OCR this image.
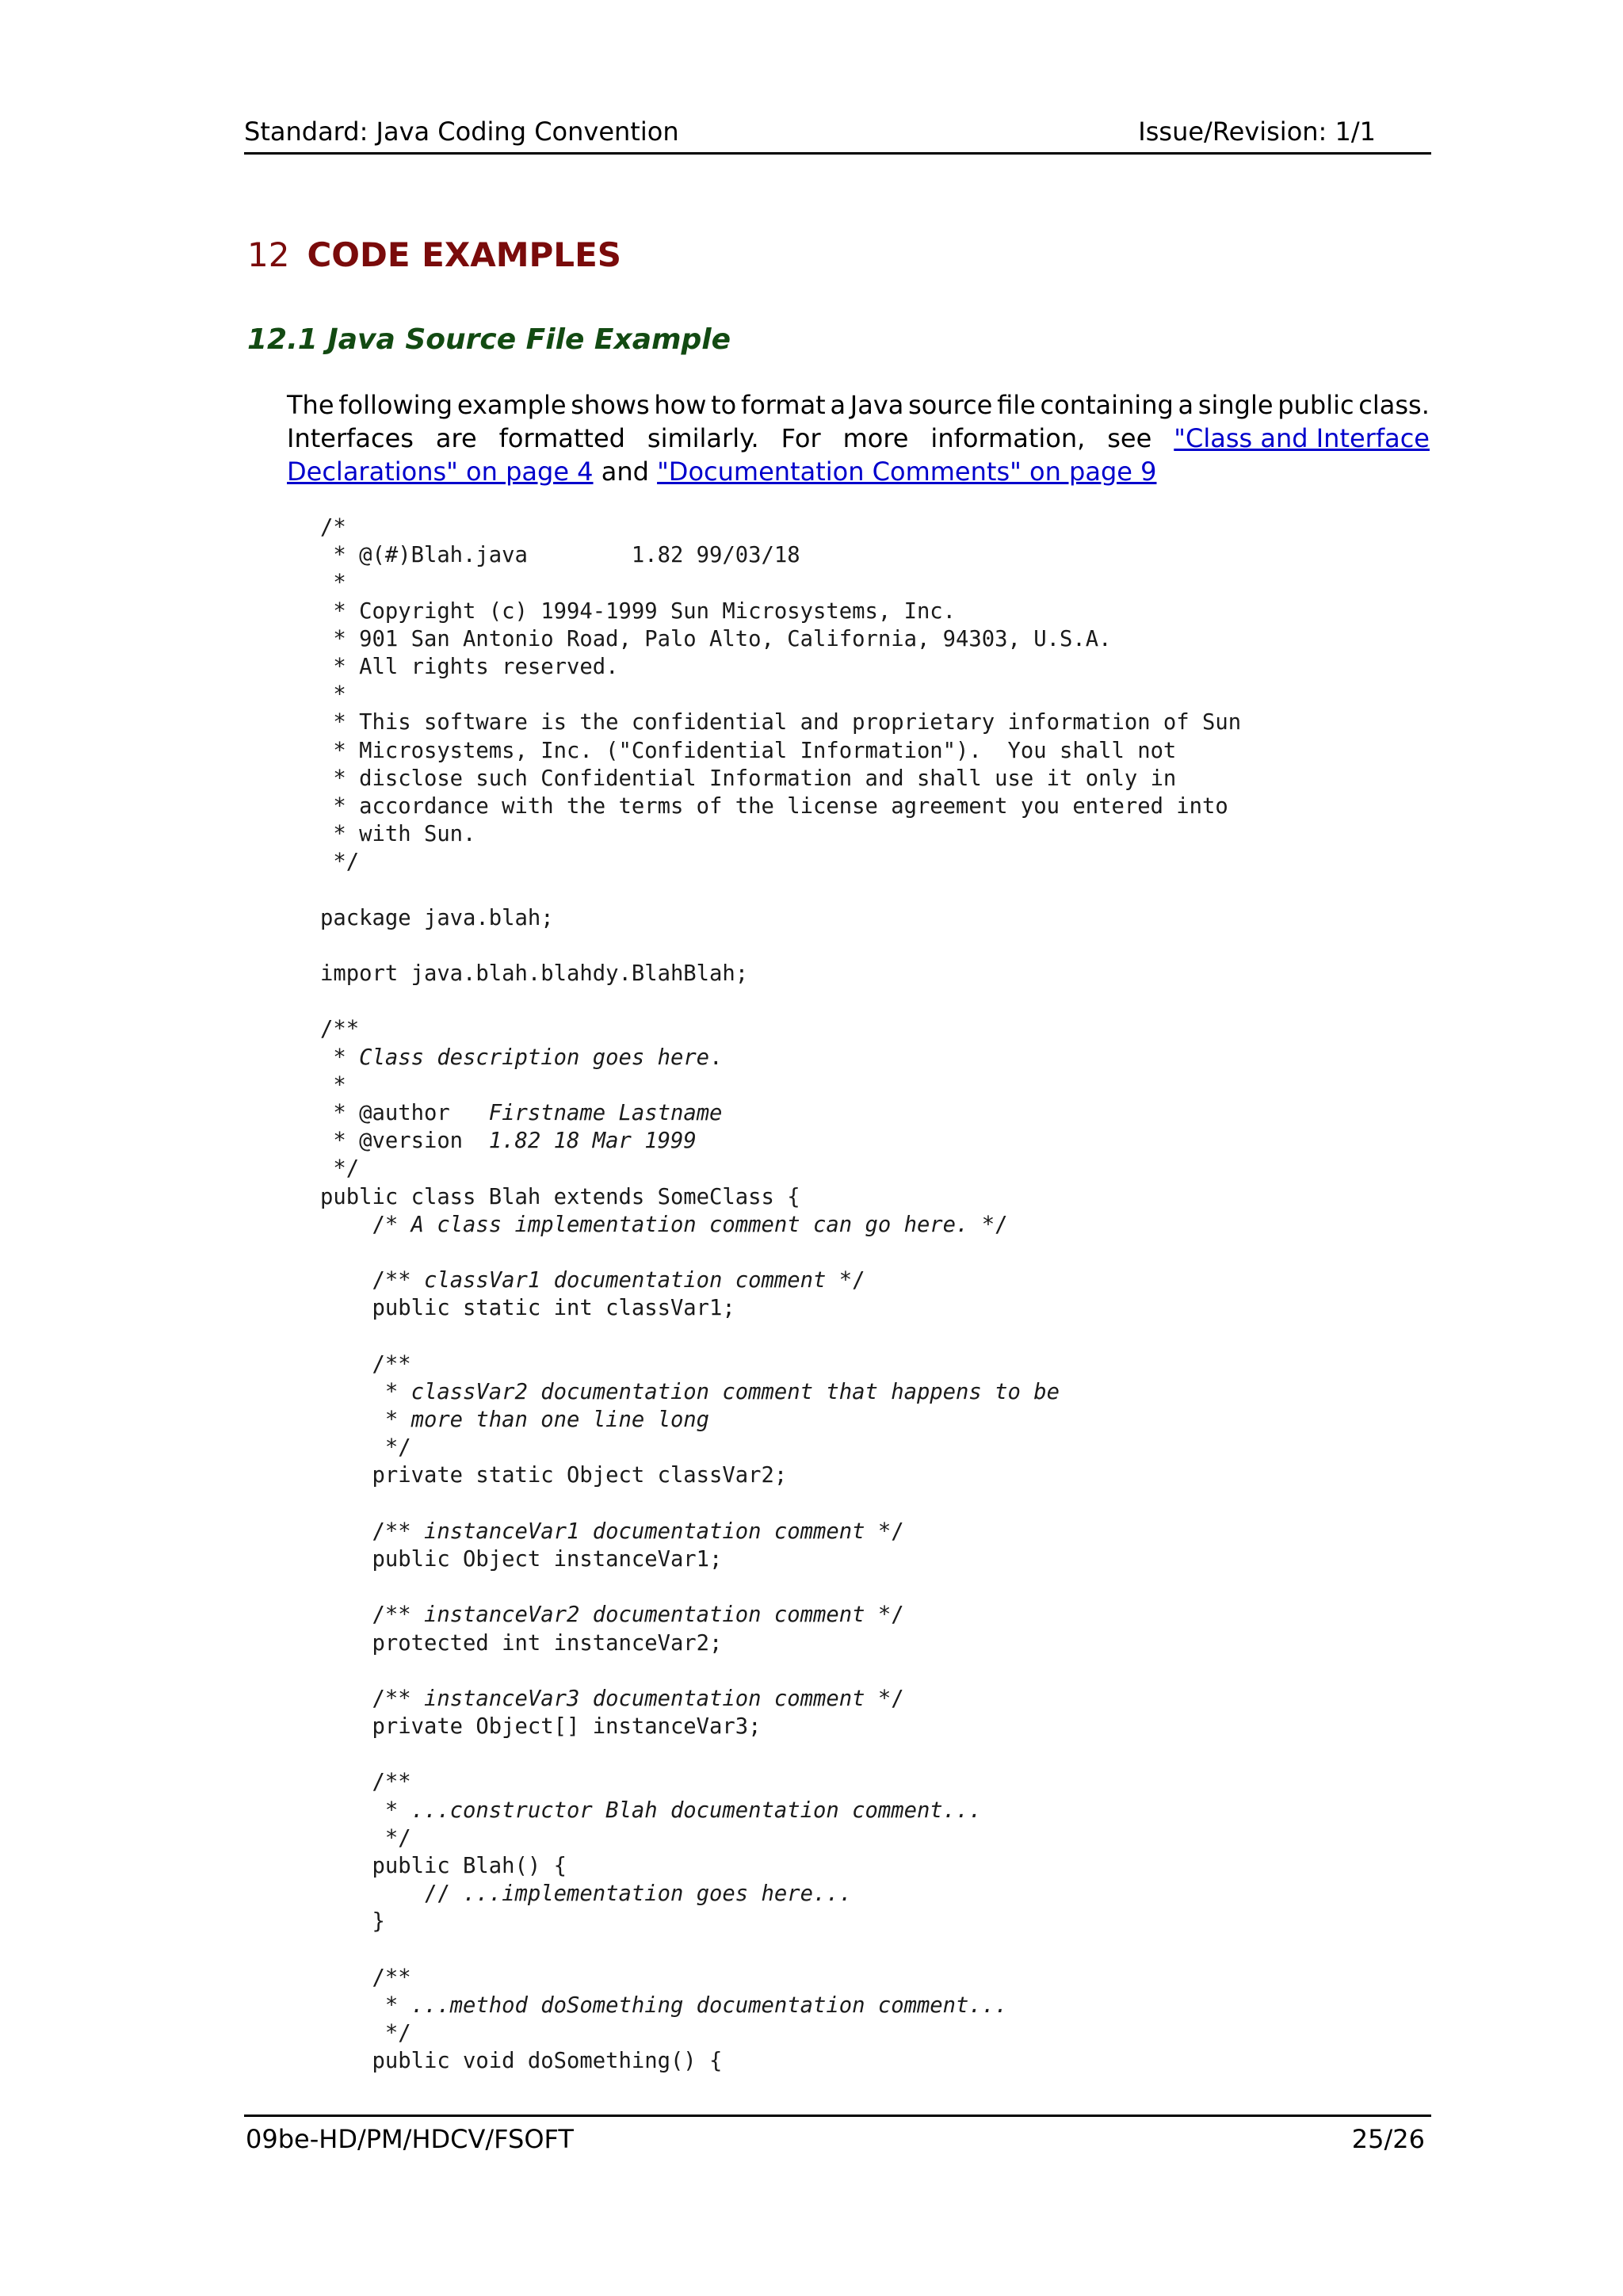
Standard: Java Coding Convention	Issue/Revision: 1/1
12 CODE EXAMPLES
12.1 Java Source File Example
The following example shows how to format a Java source file containing a single public class.
Interfaces are formatted similarly. For more information, see "Class and Interface
Declarations" on page 4 and "Documentation Comments" on page 9
/*
* @(#)Blah.java        1.82 99/03/18
*
* Copyright (c) 1994-1999 Sun Microsystems, Inc.
* 901 San Antonio Road, Palo Alto, California, 94303, U.S.A.
* All rights reserved.
*
* This software is the confidential and proprietary information of Sun
* Microsystems, Inc. ("Confidential Information").  You shall not
* disclose such Confidential Information and shall use it only in
* accordance with the terms of the license agreement you entered into
* with Sun.
*/
package java.blah;
import java.blah.blahdy.BlahBlah;
/**
* Class description goes here.
*
* @author   Firstname Lastname
* @version  1.82 18 Mar 1999
*/
public class Blah extends SomeClass {
/* A class implementation comment can go here. */
/** classVar1 documentation comment */
public static int classVar1;
/**
* classVar2 documentation comment that happens to be
* more than one line long
*/
private static Object classVar2;
/** instanceVar1 documentation comment */
public Object instanceVar1;
/** instanceVar2 documentation comment */
protected int instanceVar2;
/** instanceVar3 documentation comment */
private Object[] instanceVar3;
/**
* ...constructor Blah documentation comment...
*/
public Blah() {
// ...implementation goes here...
}
/**
* ...method doSomething documentation comment...
*/
public void doSomething() {
09be-HD/PM/HDCV/FSOFT	25/26
